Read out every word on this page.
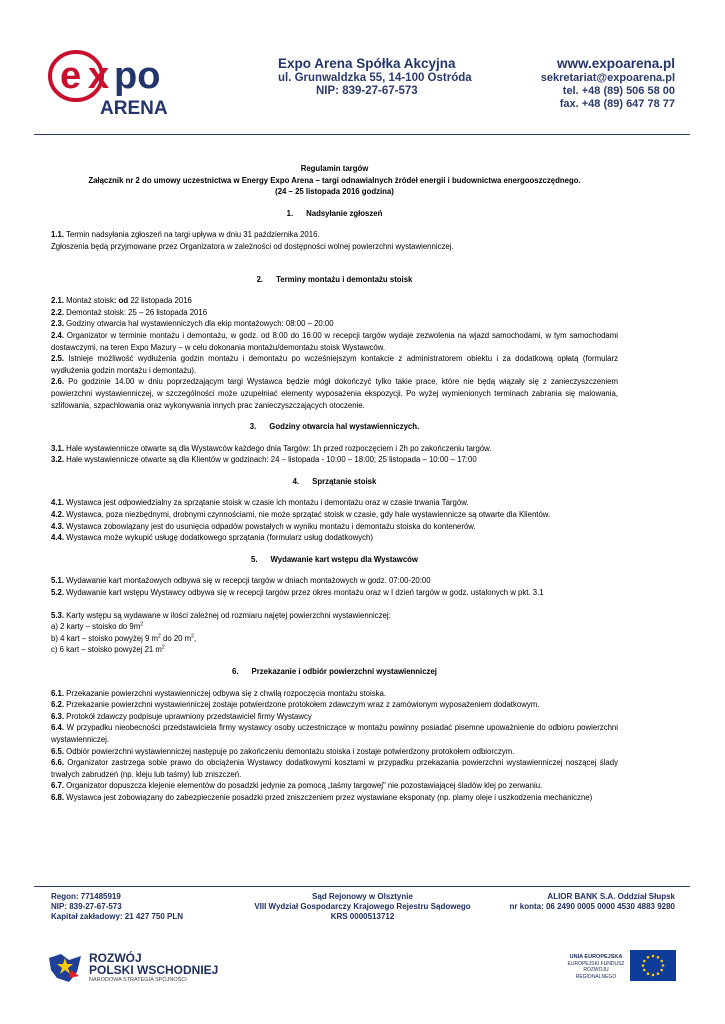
e x po
ARENA
Expo Arena Spółka Akcyjna
ul. Grunwaldzka 55, 14-100 Ostróda
NIP: 839-27-67-573
www.expoarena.pl
sekretariat@expoarena.pl
tel. +48 (89) 506 58 00
fax. +48 (89) 647 78 77

Regulamin targów

Załącznik nr 2 do umowy uczestnictwa w Energy Expo Arena – targi odnawialnych źródeł energii i budownictwa energooszczędnego.

(24 – 25 listopada 2016 godzina)

1.      Nadsyłanie zgłoszeń

1.1. Termin nadsyłania zgłoszeń na targi upływa w dniu 31 października 2016.

Zgłoszenia będą przyjmowane przez Organizatora w zależności od dostępności wolnej powierzchni wystawienniczej.

2.      Terminy montażu i demontażu stoisk

2.1. Montaż stoisk: od 22 listopada 2016

2.2. Demontaż stoisk: 25 – 26 listopada 2016

2.3. Godziny otwarcia hal wystawienniczych dla ekip montażowych: 08:00 – 20:00

2.4. Organizator w terminie montażu i demontażu, w godz. od 8.00 do 16.00 w recepcji targów wydaje zezwolenia na wjazd samochodami, w tym samochodami dostawczymi, na teren Expo Mazury – w celu dokonania montażu/demontażu stoisk Wystawców.

2.5. Istnieje możliwość wydłużenia godzin montażu i demontażu po wcześniejszym kontakcie z administratorem obiektu i za dodatkową opłatą (formularz wydłużenia godzin montażu i demontażu).

2.6. Po godzinie 14.00 w dniu poprzedzającym targi Wystawca będzie mógł dokończyć tylko takie prace, które nie będą wiązały się z zanieczyszczeniem powierzchni wystawienniczej, w szczególności może uzupełniać elementy wyposażenia ekspozycji. Po wyżej wymienionych terminach zabrania się malowania, szlifowania, szpachlowania oraz wykonywania innych prac zanieczyszczających otoczenie.

3.      Godziny otwarcia hal wystawienniczych.

3.1. Hale wystawiennicze otwarte są dla Wystawców każdego dnia Targów: 1h przed rozpoczęciem i 2h po zakończeniu targów.

3.2. Hale wystawiennicze otwarte są dla Klientów w godzinach: 24 – listopada - 10:00 – 18:00; 25 listopada – 10:00 – 17:00

4.      Sprzątanie stoisk

4.1. Wystawca jest odpowiedzialny za sprzątanie stoisk w czasie ich montażu i demontażu oraz w czasie trwania Targów.

4.2. Wystawca, poza niezbędnymi, drobnymi czynnościami, nie może sprzątać stoisk w czasie, gdy hale wystawiennicze są otwarte dla Klientów.

4.3. Wystawca zobowiązany jest do usunięcia odpadów powstałych w wyniku montażu i demontażu stoiska do kontenerów.

4.4. Wystawca może wykupić usługę dodatkowego sprzątania (formularz usług dodatkowych)

5.      Wydawanie kart wstępu dla Wystawców

5.1. Wydawanie kart montażowych odbywa się w recepcji targów w dniach montażowych w godz. 07:00-20:00

5.2. Wydawanie kart wstępu Wystawcy odbywa się w recepcji targów przez okres montażu oraz w I dzień targów w godz. ustalonych w pkt. 3.1

5.3. Karty wstępu są wydawane w ilości zależnej od rozmiaru najętej powierzchni wystawienniczej:

a) 2 karty – stoisko do $9m^2$

b) 4 kart – stoisko powyżej 9 $m^2$ do 20 $m^2$,

c) 6 kart – stoisko powyżej 21 $m^2$

6.      Przekazanie i odbiór powierzchni wystawienniczej

6.1. Przekazanie powierzchni wystawienniczej odbywa się z chwilą rozpoczęcia montażu stoiska.

6.2. Przekazanie powierzchni wystawienniczej zostaje potwierdzone protokołem zdawczym wraz z zamówionym wyposażeniem dodatkowym.

6.3. Protokół zdawczy podpisuje uprawniony przedstawiciel firmy Wystawcy

6.4. W przypadku nieobecności przedstawiciela firmy wystawcy osoby uczestniczące w montażu powinny posiadać pisemne upoważnienie do odbioru powierzchni wystawienniczej.

6.5. Odbiór powierzchni wystawienniczej następuje po zakończeniu demontażu stoiska i zostaje potwierdzony protokołem odbiorczym.

6.6. Organizator zastrzega sobie prawo do obciążenia Wystawcy dodatkowymi kosztami w przypadku przekazania powierzchni wystawienniczej noszącej ślady trwałych zabrudzeń (np. kleju lub taśmy) lub zniszczeń.

6.7. Organizator dopuszcza klejenie elementów do posadzki jedynie za pomocą „taśmy targowej" nie pozostawiającej śladów klej po zerwaniu.

6.8. Wystawca jest zobowiązany do zabezpieczenie posadzki przed zniszczeniem przez wystawiane eksponaty (np. plamy oleje i uszkodzenia mechaniczne)

Regon: 771485919
NIP: 839-27-67-573
Kapitał zakładowy: 21 427 750 PLN
Sąd Rejonowy w Olsztynie
VIII Wydział Gospodarczy Krajowego Rejestru Sądowego
KRS 0000513712
ALIOR BANK S.A. Oddział Słupsk
nr konta: 06 2490 0005 0000 4530 4883 9280
ROZWÓJ
POLSKI WSCHODNIEJ
NARODOWA STRATEGIA SPÓJNOŚCI
UNIA EUROPEJSKA
EUROPEJSKI FUNDUSZ
ROZWOJU REGIONALNEGO
